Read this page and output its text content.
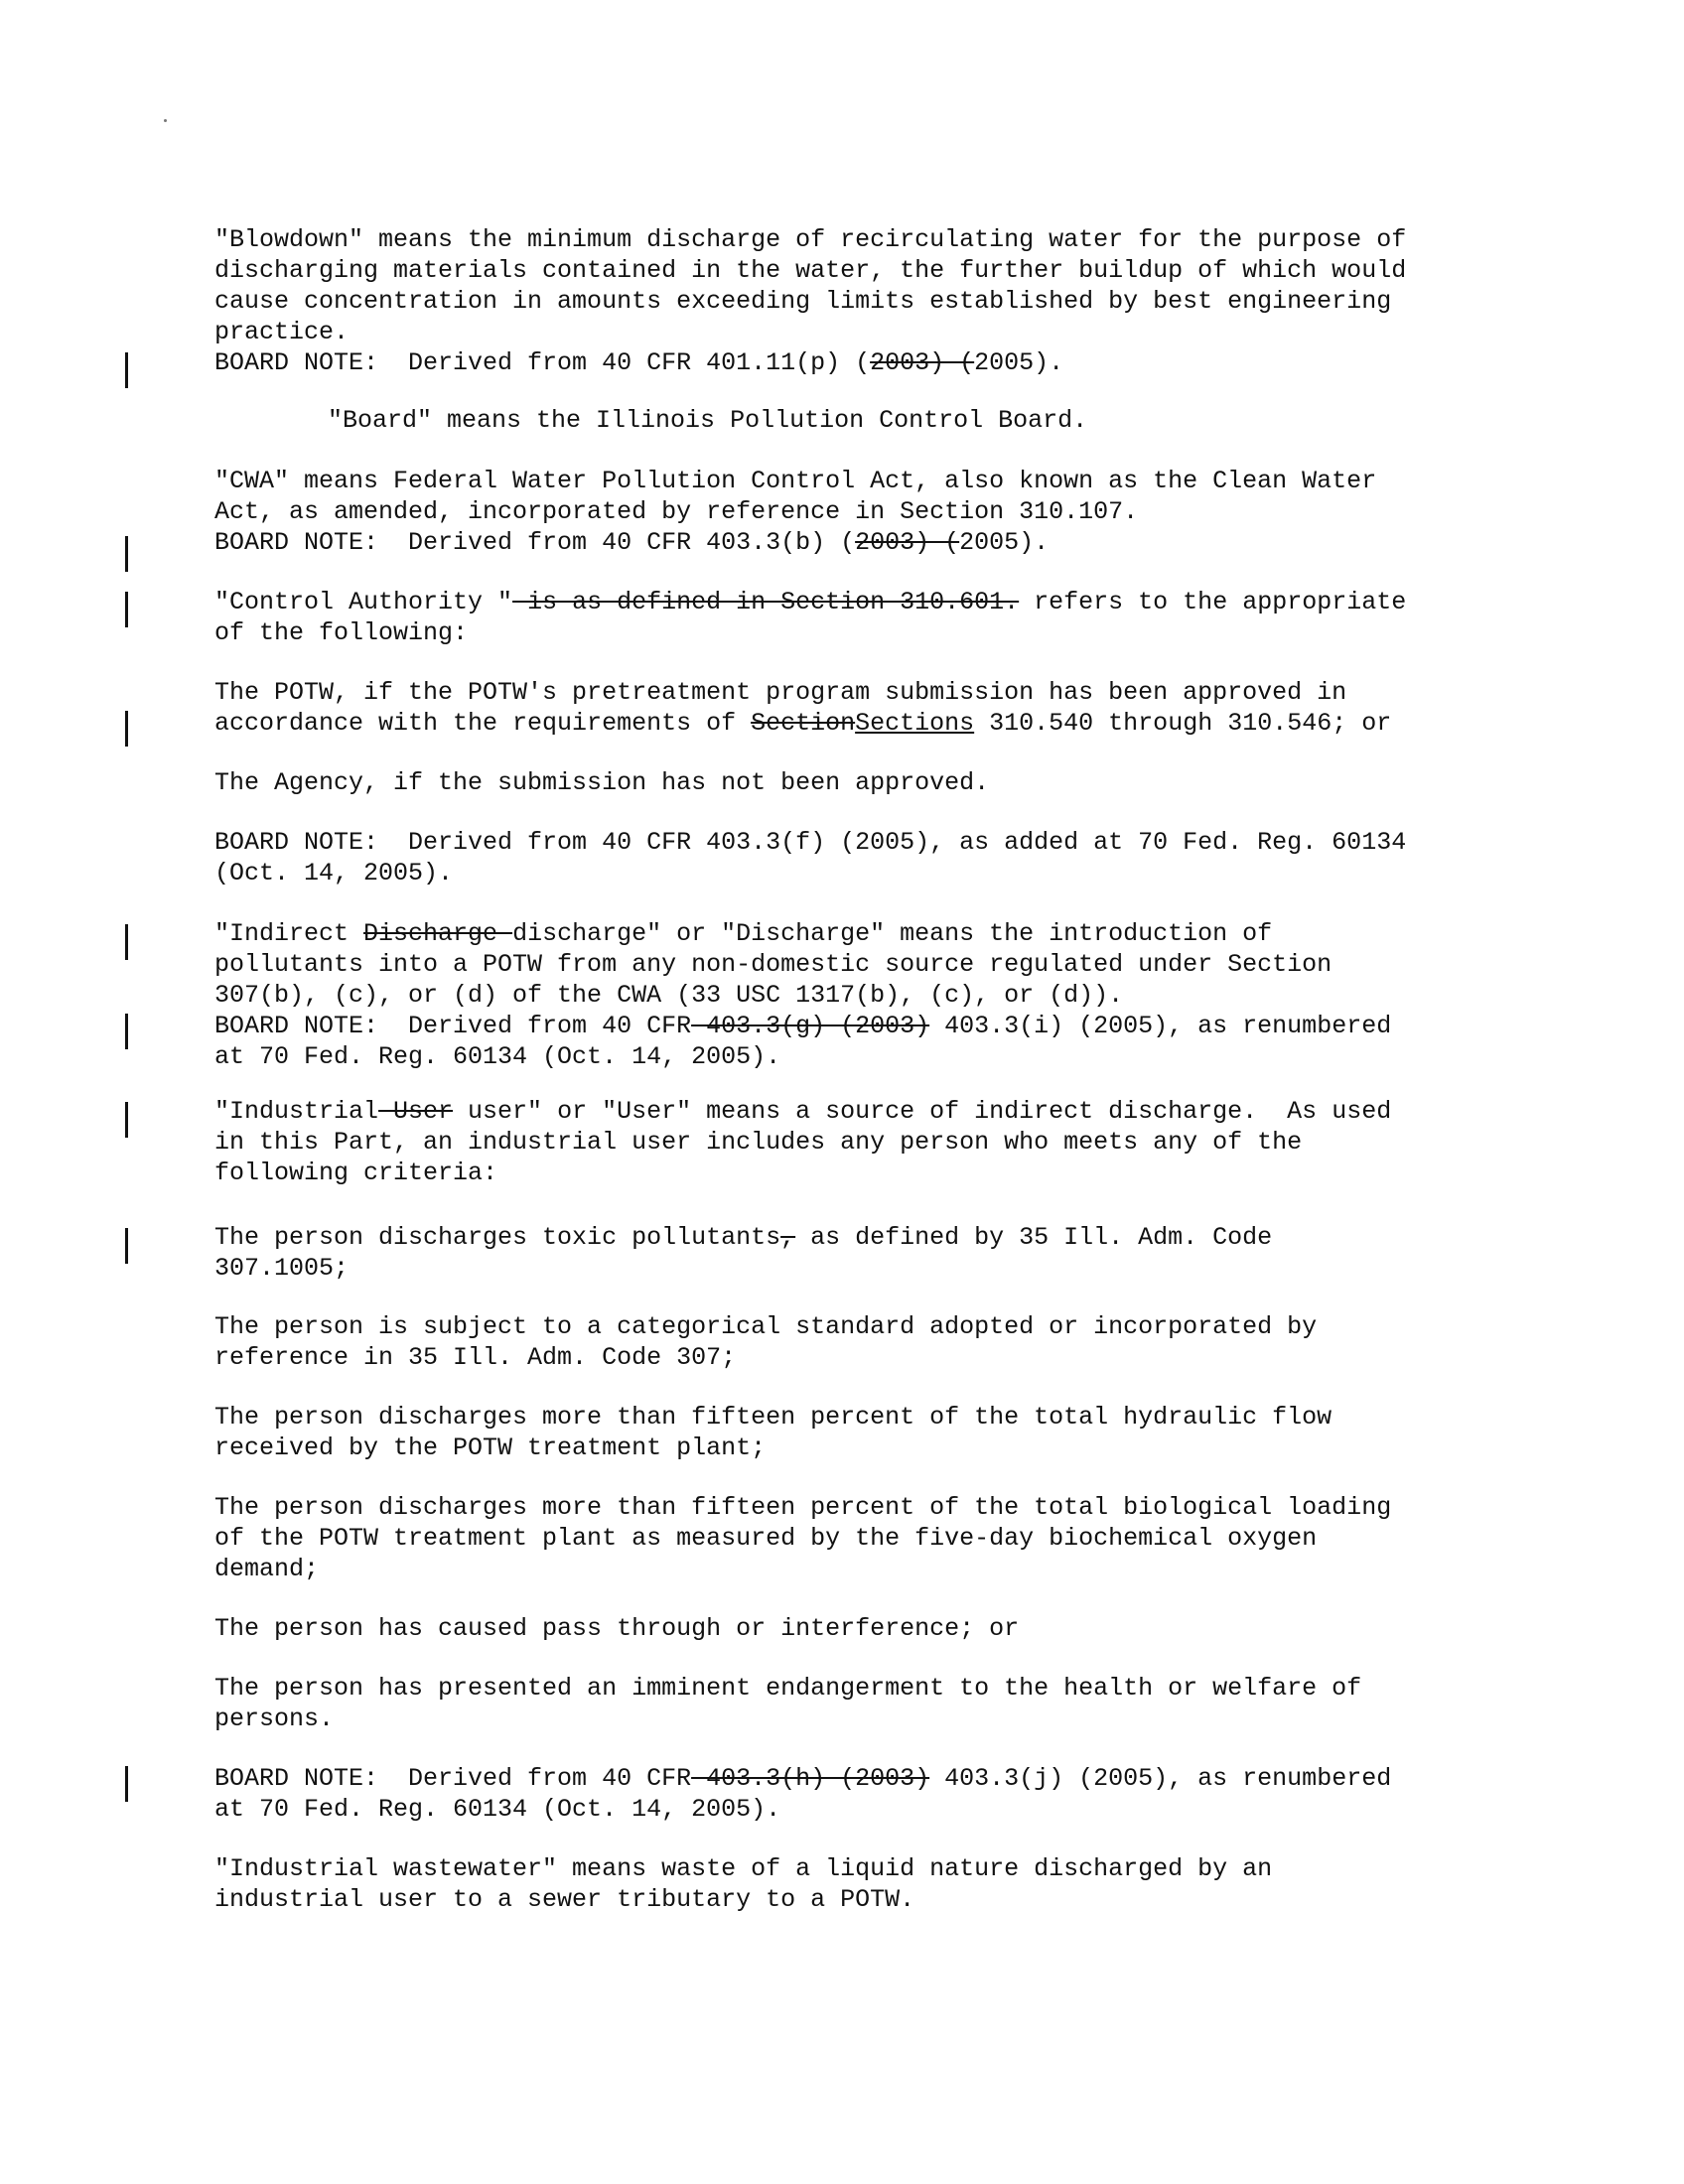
"Blowdown" means the minimum discharge of recirculating water for the purpose of
discharging materials contained in the water, the further buildup of which would
cause concentration in amounts exceeding limits established by best engineering
practice.
BOARD NOTE:  Derived from 40 CFR 401.11(p) (2003) (2005).
"Board" means the Illinois Pollution Control Board.
"CWA" means Federal Water Pollution Control Act, also known as the Clean Water
Act, as amended, incorporated by reference in Section 310.107.
BOARD NOTE:  Derived from 40 CFR 403.3(b) (2003) (2005).
"Control Authority " is as defined in Section 310.601. refers to the appropriate
of the following:
The POTW, if the POTW's pretreatment program submission has been approved in
accordance with the requirements of SectionSections 310.540 through 310.546; or
The Agency, if the submission has not been approved.
BOARD NOTE:  Derived from 40 CFR 403.3(f) (2005), as added at 70 Fed. Reg. 60134
(Oct. 14, 2005).
"Indirect Discharge discharge" or "Discharge" means the introduction of
pollutants into a POTW from any non-domestic source regulated under Section
307(b), (c), or (d) of the CWA (33 USC 1317(b), (c), or (d)).
BOARD NOTE:  Derived from 40 CFR 403.3(g) (2003) 403.3(i) (2005), as renumbered
at 70 Fed. Reg. 60134 (Oct. 14, 2005).
"Industrial User user" or "User" means a source of indirect discharge.  As used
in this Part, an industrial user includes any person who meets any of the
following criteria:
The person discharges toxic pollutants, as defined by 35 Ill. Adm. Code
307.1005;
The person is subject to a categorical standard adopted or incorporated by
reference in 35 Ill. Adm. Code 307;
The person discharges more than fifteen percent of the total hydraulic flow
received by the POTW treatment plant;
The person discharges more than fifteen percent of the total biological loading
of the POTW treatment plant as measured by the five-day biochemical oxygen
demand;
The person has caused pass through or interference; or
The person has presented an imminent endangerment to the health or welfare of
persons.
BOARD NOTE:  Derived from 40 CFR 403.3(h) (2003) 403.3(j) (2005), as renumbered
at 70 Fed. Reg. 60134 (Oct. 14, 2005).
"Industrial wastewater" means waste of a liquid nature discharged by an
industrial user to a sewer tributary to a POTW.
